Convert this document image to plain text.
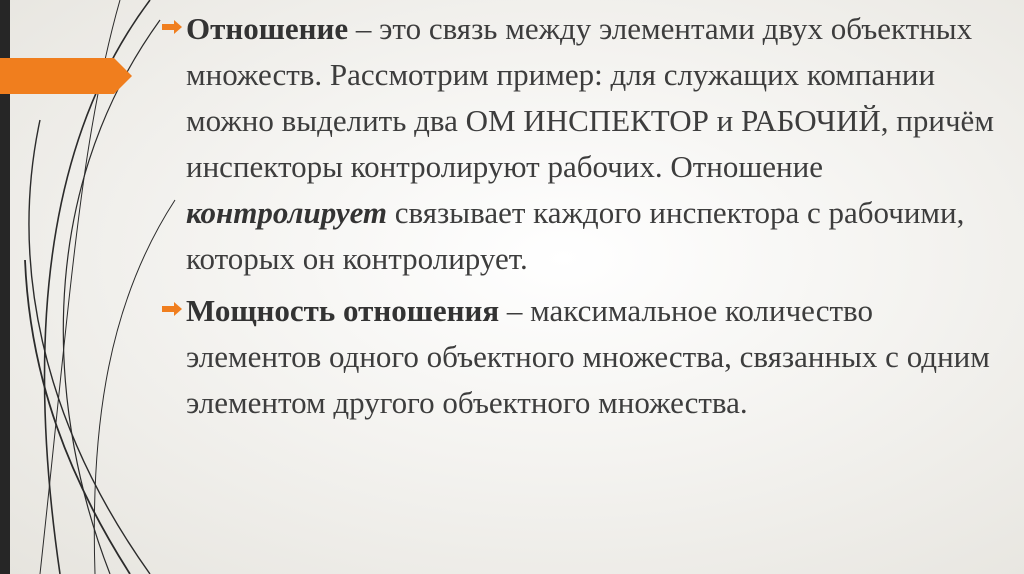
Отношение – это связь между элементами двух объектных множеств. Рассмотрим пример: для служащих компании можно выделить два ОМ ИНСПЕКТОР и РАБОЧИЙ, причём инспекторы контролируют рабочих. Отношение контролирует связывает каждого инспектора с рабочими, которых он контролирует.

Мощность отношения – максимальное количество элементов одного объектного множества, связанных с одним элементом другого объектного множества.
